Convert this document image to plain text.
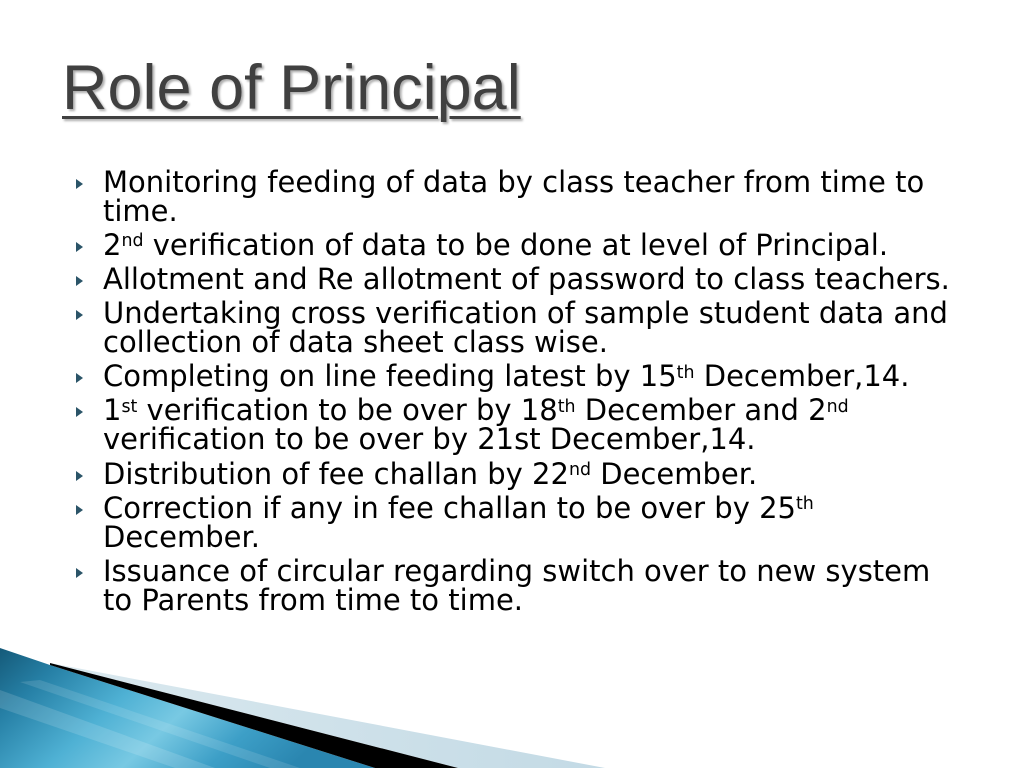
Role of Principal
Monitoring feeding of data by class teacher from time to
time.
2nd verification of data to be done at level of Principal.
Allotment and Re allotment of password to class teachers.
Undertaking cross verification of sample student data and
collection of data sheet class wise.
Completing on line feeding latest by 15th December,14.
1st verification to be over by 18th December and 2nd
verification to be over by 21st December,14.
Distribution of fee challan by 22nd December.
Correction if any in fee challan to be over by 25th
December.
Issuance of circular regarding switch over to new system
to Parents from time to time.
